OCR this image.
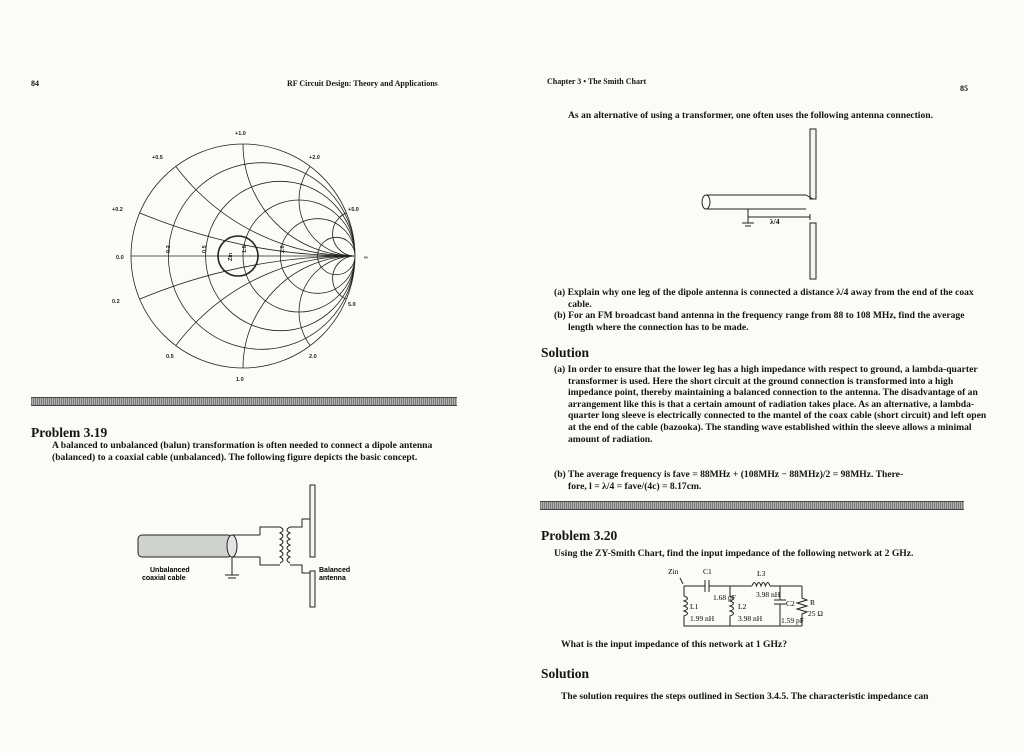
84	RF Circuit Design: Theory and Applications
+1.0
+0.5	+2.0
+0.2	+5.0
0.2	5.0
0.5	2.0
1.0
0.0	∞
0.2	0.5	1.0	2.0
Zin
Problem 3.19
A balanced to unbalanced (balun) transformation is often needed to connect a dipole antenna (balanced) to a coaxial cable (unbalanced). The following figure depicts the basic concept.
Unbalanced
coaxial cable
Balanced
antenna
Chapter 3 • The Smith Chart
85
As an alternative of using a transformer, one often uses the following antenna connection.
λ/4
(a) Explain why one leg of the dipole antenna is connected a distance λ/4 away from the end of the coax cable.
(b) For an FM broadcast band antenna in the frequency range from 88 to 108 MHz, find the average length where the connection has to be made.
Solution
(a) In order to ensure that the lower leg has a high impedance with respect to ground, a lambda-quarter transformer is used. Here the short circuit at the ground connection is transformed into a high impedance point, thereby maintaining a balanced connection to the antenna. The disadvantage of an arrangement like this is that a certain amount of radiation takes place. As an alternative, a lambda-quarter long sleeve is electrically connected to the mantel of the coax cable (short circuit) and left open at the end of the cable (bazooka). The standing wave established within the sleeve allows a minimal amount of radiation.
(b) The average frequency is fave = 88MHz + (108MHz − 88MHz)/2 = 98MHz. There-
fore, l = λ/4 = fave/(4c) = 8.17cm.
Problem 3.20
Using the ZY-Smith Chart, find the input impedance of the following network at 2 GHz.
Zin	C1	L3
L1	L2	C2 R
1.68 pF	3.98 nH
1.99 nH	3.98 nH	1.59 pF
25 Ω
What is the input impedance of this network at 1 GHz?
Solution
The solution requires the steps outlined in Section 3.4.5. The characteristic impedance can
